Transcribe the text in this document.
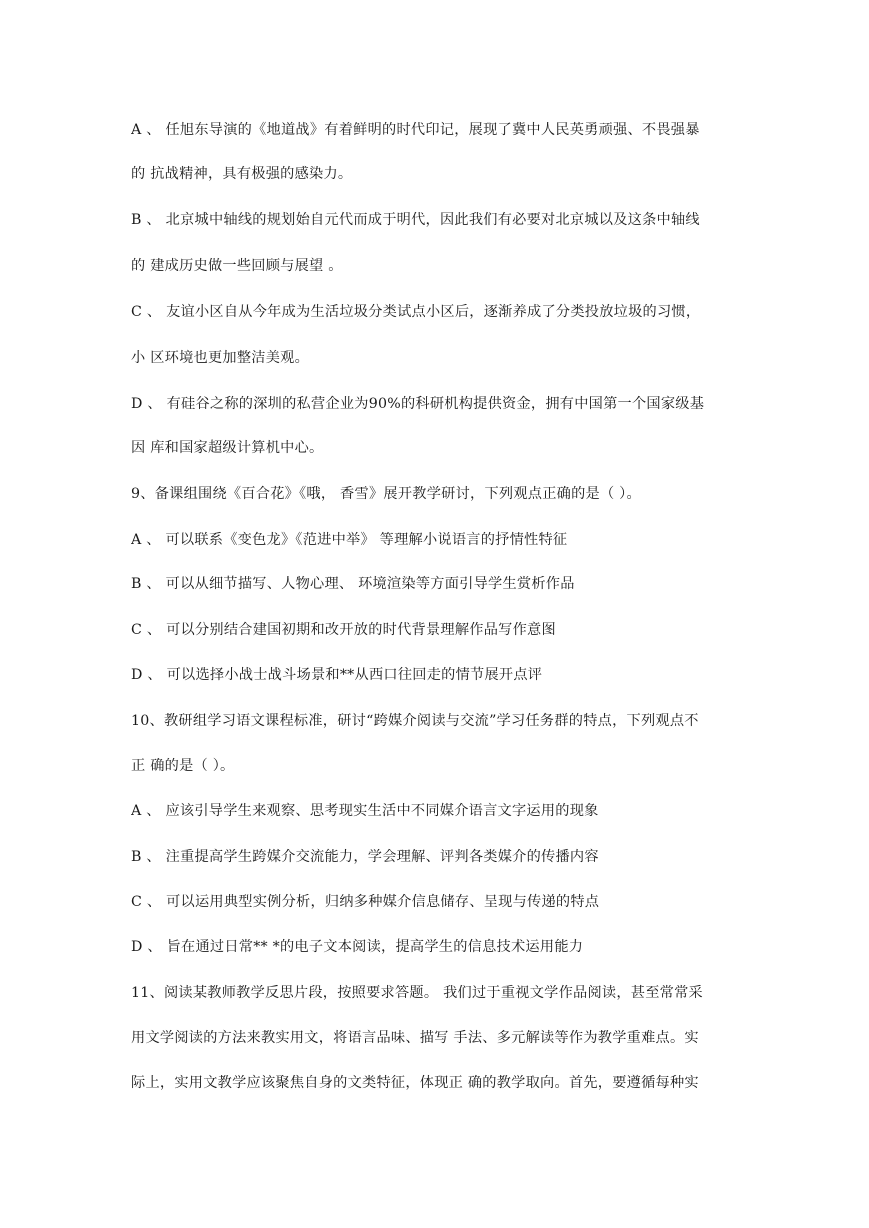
A 、 任旭东导演的《地道战》有着鲜明的时代印记，展现了冀中人民英勇顽强、不畏强暴
的 抗战精神，具有极强的感染力。
B 、 北京城中轴线的规划始自元代而成于明代，因此我们有必要对北京城以及这条中轴线
的 建成历史做一些回顾与展望 。
C 、 友谊小区自从今年成为生活垃圾分类试点小区后，逐渐养成了分类投放垃圾的习惯，
小 区环境也更加整洁美观。
D 、 有硅谷之称的深圳的私营企业为90%的科研机构提供资金，拥有中国第一个国家级基
因 库和国家超级计算机中心。
9、备课组围绕《百合花》《哦， 香雪》展开教学研讨，下列观点正确的是（ ）。
A 、 可以联系《变色龙》《范进中举》 等理解小说语言的抒情性特征
B 、 可以从细节描写、人物心理、 环境渲染等方面引导学生赏析作品
C 、 可以分别结合建国初期和改开放的时代背景理解作品写作意图
D 、 可以选择小战士战斗场景和**从西口往回走的情节展开点评
10、教研组学习语文课程标准，研讨“跨媒介阅读与交流”学习任务群的特点，下列观点不
正 确的是（ ）。
A 、 应该引导学生来观察、思考现实生活中不同媒介语言文字运用的现象
B 、 注重提高学生跨媒介交流能力，学会理解、评判各类媒介的传播内容
C 、 可以运用典型实例分析，归纳多种媒介信息储存、呈现与传递的特点
D 、 旨在通过日常** *的电子文本阅读，提高学生的信息技术运用能力
11、阅读某教师教学反思片段，按照要求答题。 我们过于重视文学作品阅读，甚至常常采
用文学阅读的方法来教实用文，将语言品味、描写 手法、多元解读等作为教学重难点。实
际上，实用文教学应该聚焦自身的文类特征，体现正 确的教学取向。首先，要遵循每种实
